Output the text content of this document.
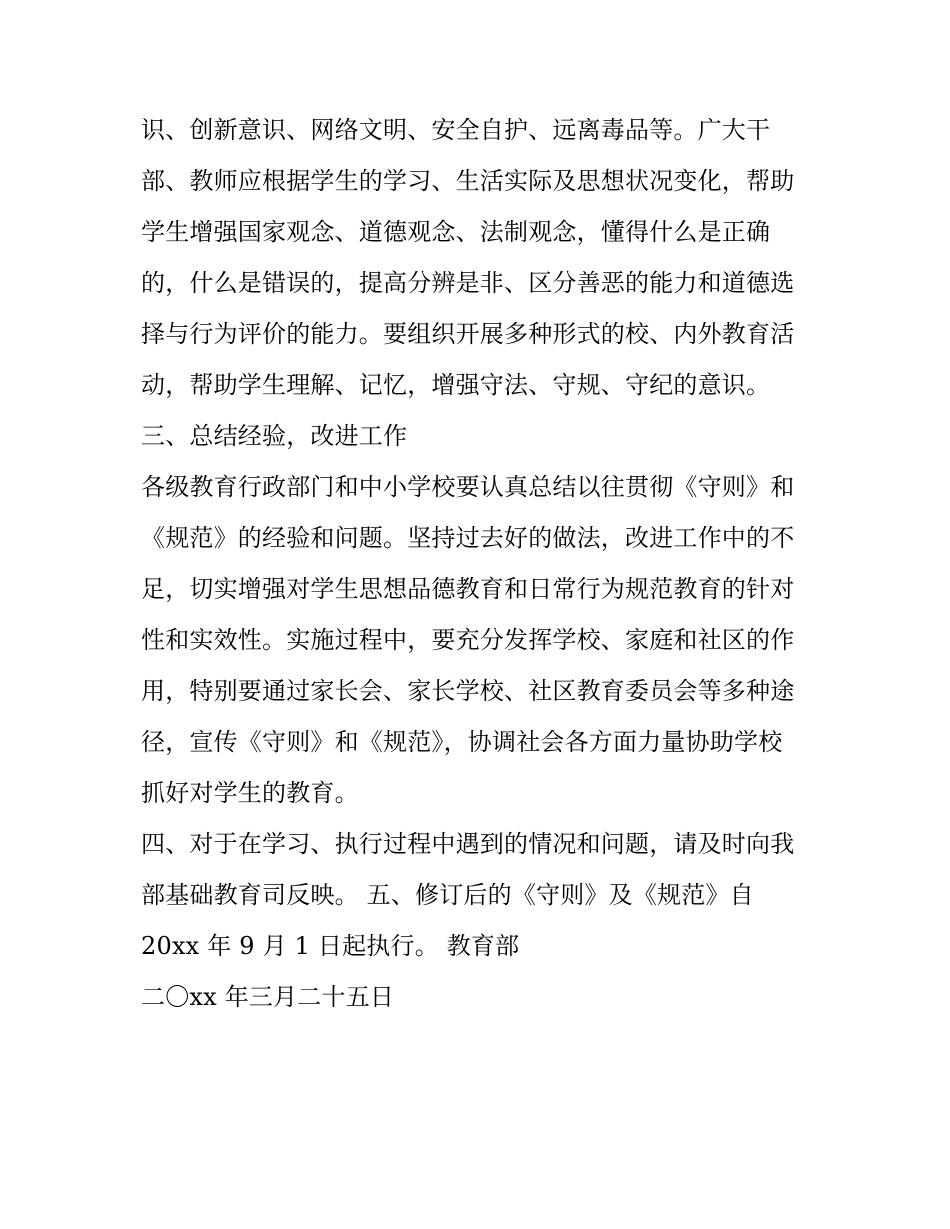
识、创新意识、网络文明、安全自护、远离毒品等。广大干
部、教师应根据学生的学习、生活实际及思想状况变化，帮助
学生增强国家观念、道德观念、法制观念，懂得什么是正确
的，什么是错误的，提高分辨是非、区分善恶的能力和道德选
择与行为评价的能力。要组织开展多种形式的校、内外教育活
动，帮助学生理解、记忆，增强守法、守规、守纪的意识。
三、总结经验，改进工作
各级教育行政部门和中小学校要认真总结以往贯彻《守则》和
《规范》的经验和问题。坚持过去好的做法，改进工作中的不
足，切实增强对学生思想品德教育和日常行为规范教育的针对
性和实效性。实施过程中，要充分发挥学校、家庭和社区的作
用，特别要通过家长会、家长学校、社区教育委员会等多种途
径，宣传《守则》和《规范》，协调社会各方面力量协助学校
抓好对学生的教育。
四、对于在学习、执行过程中遇到的情况和问题，请及时向我
部基础教育司反映。 五、修订后的《守则》及《规范》自
20xx 年 9 月 1 日起执行。 教育部
二〇xx 年三月二十五日
